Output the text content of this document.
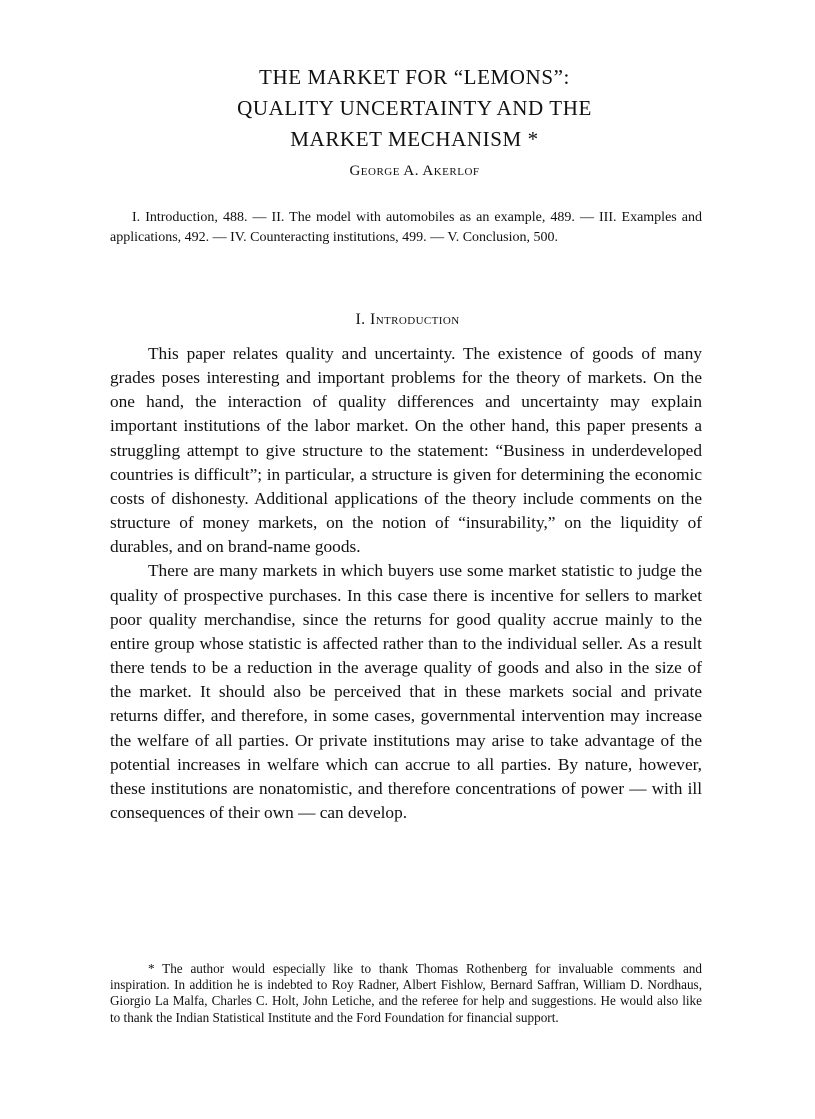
THE MARKET FOR “LEMONS”:
QUALITY UNCERTAINTY AND THE
MARKET MECHANISM *
George A. Akerlof
I. Introduction, 488. — II. The model with automobiles as an example, 489. — III. Examples and applications, 492. — IV. Counteracting institutions, 499. — V. Conclusion, 500.
I. Introduction

This paper relates quality and uncertainty. The existence of goods of many grades poses interesting and important problems for the theory of markets. On the one hand, the interaction of quality differences and uncertainty may explain important institutions of the labor market. On the other hand, this paper presents a struggling attempt to give structure to the statement: “Business in underdeveloped countries is difficult”; in particular, a structure is given for determining the economic costs of dishonesty. Additional applications of the theory include comments on the structure of money markets, on the notion of “insurability,” on the liquidity of durables, and on brand-name goods.

There are many markets in which buyers use some market statistic to judge the quality of prospective purchases. In this case there is incentive for sellers to market poor quality merchandise, since the returns for good quality accrue mainly to the entire group whose statistic is affected rather than to the individual seller. As a result there tends to be a reduction in the average quality of goods and also in the size of the market. It should also be perceived that in these markets social and private returns differ, and therefore, in some cases, governmental intervention may increase the welfare of all parties. Or private institutions may arise to take advantage of the potential increases in welfare which can accrue to all parties. By nature, however, these institutions are nonatomistic, and therefore concentrations of power — with ill consequences of their own — can develop.

* The author would especially like to thank Thomas Rothenberg for invaluable comments and inspiration. In addition he is indebted to Roy Radner, Albert Fishlow, Bernard Saffran, William D. Nordhaus, Giorgio La Malfa, Charles C. Holt, John Letiche, and the referee for help and suggestions. He would also like to thank the Indian Statistical Institute and the Ford Foundation for financial support.
